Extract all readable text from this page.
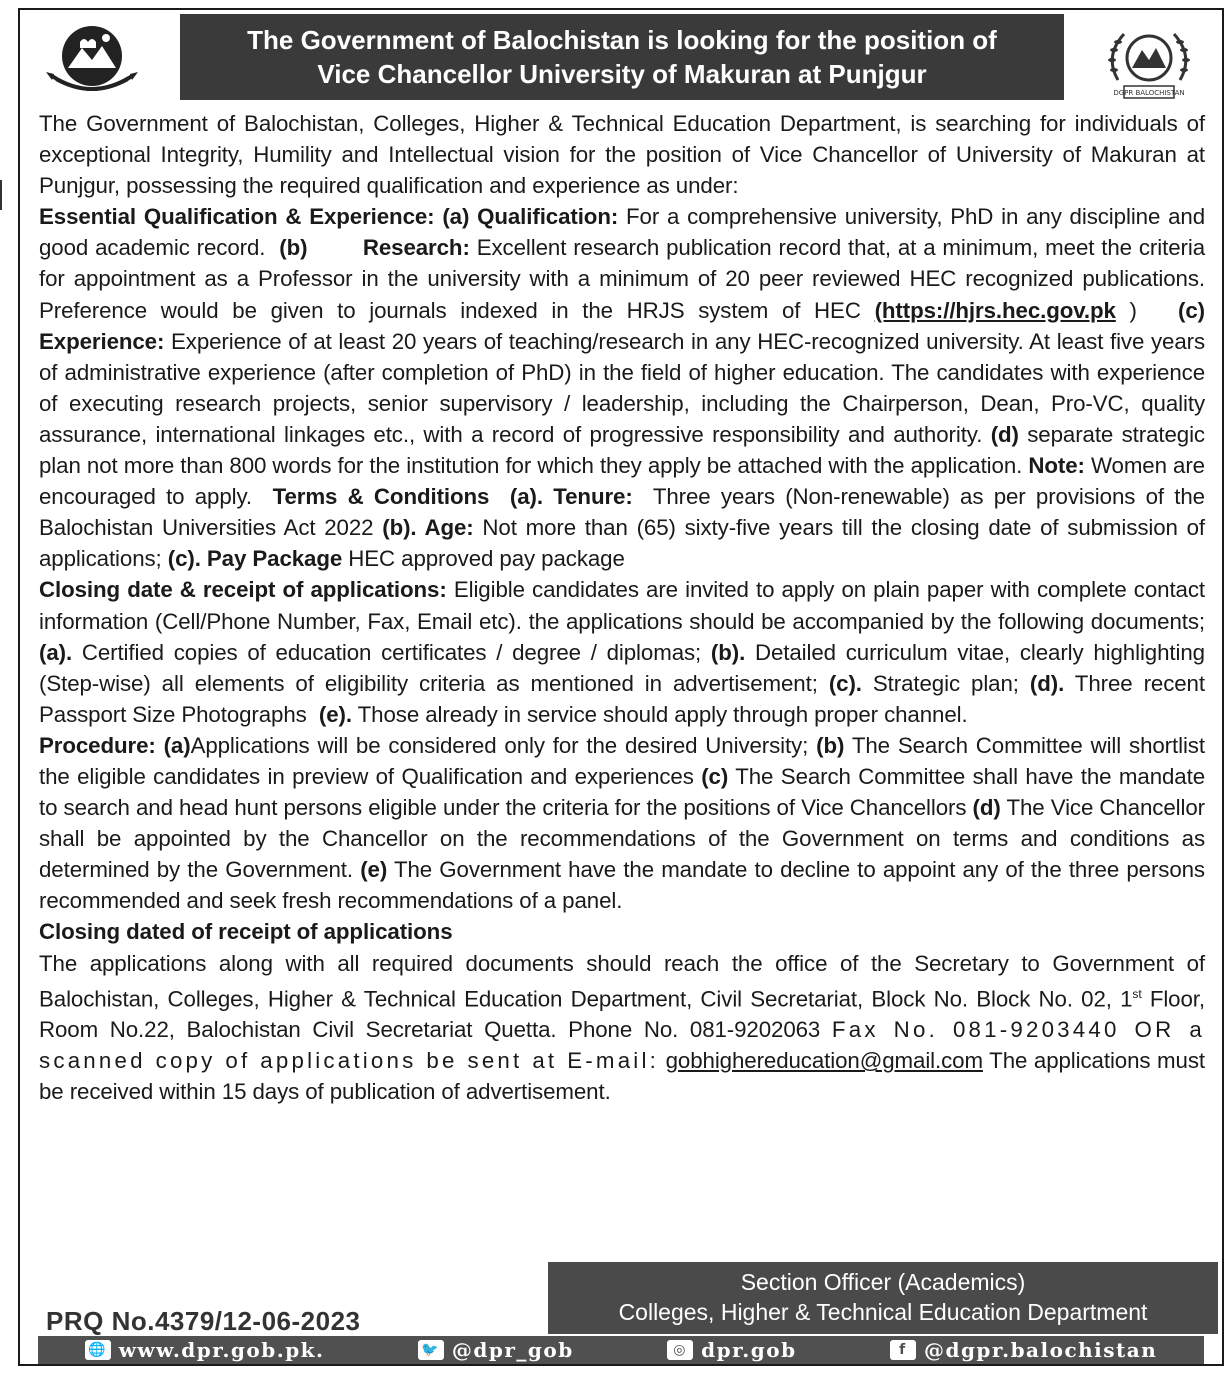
The Government of Balochistan is looking for the position of
Vice Chancellor University of Makuran at Punjgur
DGPR BALOCHISTAN

The Government of Balochistan, Colleges, Higher & Technical Education Department, is searching for individuals of exceptional Integrity, Humility and Intellectual vision for the position of Vice Chancellor of University of Makuran at Punjgur, possessing the required qualification and experience as under:

Essential Qualification & Experience: (a) Qualification: For a comprehensive university, PhD in any discipline and good academic record. (b) Research: Excellent research publication record that, at a minimum, meet the criteria for appointment as a Professor in the university with a minimum of 20 peer reviewed HEC recognized publications. Preference would be given to journals indexed in the HRJS system of HEC (https://hjrs.hec.gov.pk ) (c) Experience: Experience of at least 20 years of teaching/research in any HEC-recognized university. At least five years of administrative experience (after completion of PhD) in the field of higher education. The candidates with experience of executing research projects, senior supervisory / leadership, including the Chairperson, Dean, Pro-VC, quality assurance, international linkages etc., with a record of progressive responsibility and authority. (d) separate strategic plan not more than 800 words for the institution for which they apply be attached with the application. Note: Women are encouraged to apply. Terms & Conditions (a). Tenure: Three years (Non-renewable) as per provisions of the Balochistan Universities Act 2022 (b). Age: Not more than (65) sixty-five years till the closing date of submission of applications; (c). Pay Package HEC approved pay package

Closing date & receipt of applications: Eligible candidates are invited to apply on plain paper with complete contact information (Cell/Phone Number, Fax, Email etc). the applications should be accompanied by the following documents; (a). Certified copies of education certificates / degree / diplomas; (b). Detailed curriculum vitae, clearly highlighting (Step-wise) all elements of eligibility criteria as mentioned in advertisement; (c). Strategic plan; (d). Three recent Passport Size Photographs (e). Those already in service should apply through proper channel.

Procedure: (a)Applications will be considered only for the desired University; (b) The Search Committee will shortlist the eligible candidates in preview of Qualification and experiences (c) The Search Committee shall have the mandate to search and head hunt persons eligible under the criteria for the positions of Vice Chancellors (d) The Vice Chancellor shall be appointed by the Chancellor on the recommendations of the Government on terms and conditions as determined by the Government. (e) The Government have the mandate to decline to appoint any of the three persons recommended and seek fresh recommendations of a panel.

Closing dated of receipt of applications

The applications along with all required documents should reach the office of the Secretary to Government of Balochistan, Colleges, Higher & Technical Education Department, Civil Secretariat, Block No. Block No. 02, 1st Floor, Room No.22, Balochistan Civil Secretariat Quetta. Phone No. 081-9202063 Fax No. 081-9203440 OR a scanned copy of applications be sent at E-mail: gobhighereducation@gmail.com The applications must be received within 15 days of publication of advertisement.

Section Officer (Academics)
Colleges, Higher & Technical Education Department
PRQ No.4379/12-06-2023
🌐 www.dpr.gob.pk.	🐦 @dpr_gob	◎ dpr.gob	f @dgpr.balochistan
